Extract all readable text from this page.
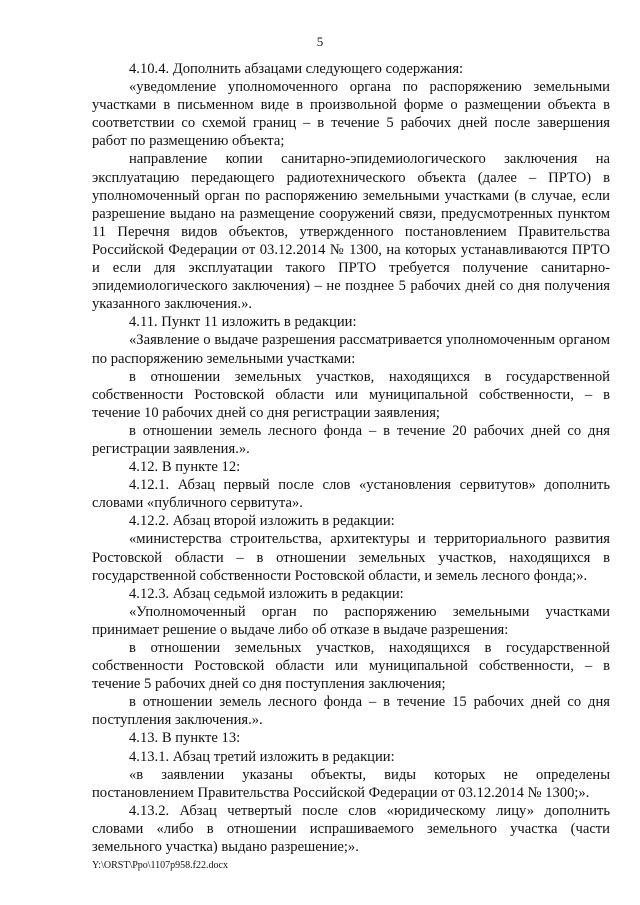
5

4.10.4. Дополнить абзацами следующего содержания:

«уведомление уполномоченного органа по распоряжению земельными участками в письменном виде в произвольной форме о размещении объекта в соответствии со схемой границ – в течение 5 рабочих дней после завершения работ по размещению объекта;

направление копии санитарно-эпидемиологического заключения на эксплуатацию передающего радиотехнического объекта (далее – ПРТО) в уполномоченный орган по распоряжению земельными участками (в случае, если разрешение выдано на размещение сооружений связи, предусмотренных пунктом 11 Перечня видов объектов, утвержденного постановлением Правительства Российской Федерации от 03.12.2014 № 1300, на которых устанавливаются ПРТО и если для эксплуатации такого ПРТО требуется получение санитарно-эпидемиологического заключения) – не позднее 5 рабочих дней со дня получения указанного заключения.».

4.11. Пункт 11 изложить в редакции:

«Заявление о выдаче разрешения рассматривается уполномоченным органом по распоряжению земельными участками:

в отношении земельных участков, находящихся в государственной собственности Ростовской области или муниципальной собственности, – в течение 10 рабочих дней со дня регистрации заявления;

в отношении земель лесного фонда – в течение 20 рабочих дней со дня регистрации заявления.».

4.12. В пункте 12:

4.12.1. Абзац первый после слов «установления сервитутов» дополнить словами «публичного сервитута».

4.12.2. Абзац второй изложить в редакции:

«министерства строительства, архитектуры и территориального развития Ростовской области – в отношении земельных участков, находящихся в государственной собственности Ростовской области, и земель лесного фонда;».

4.12.3. Абзац седьмой изложить в редакции:

«Уполномоченный орган по распоряжению земельными участками принимает решение о выдаче либо об отказе в выдаче разрешения:

в отношении земельных участков, находящихся в государственной собственности Ростовской области или муниципальной собственности, – в течение 5 рабочих дней со дня поступления заключения;

в отношении земель лесного фонда – в течение 15 рабочих дней со дня поступления заключения.».

4.13. В пункте 13:

4.13.1. Абзац третий изложить в редакции:

«в заявлении указаны объекты, виды которых не определены постановлением Правительства Российской Федерации от 03.12.2014 № 1300;».

4.13.2. Абзац четвертый после слов «юридическому лицу» дополнить словами «либо в отношении испрашиваемого земельного участка (части земельного участка) выдано разрешение;».

Y:\ORST\Ppo\1107p958.f22.docx
